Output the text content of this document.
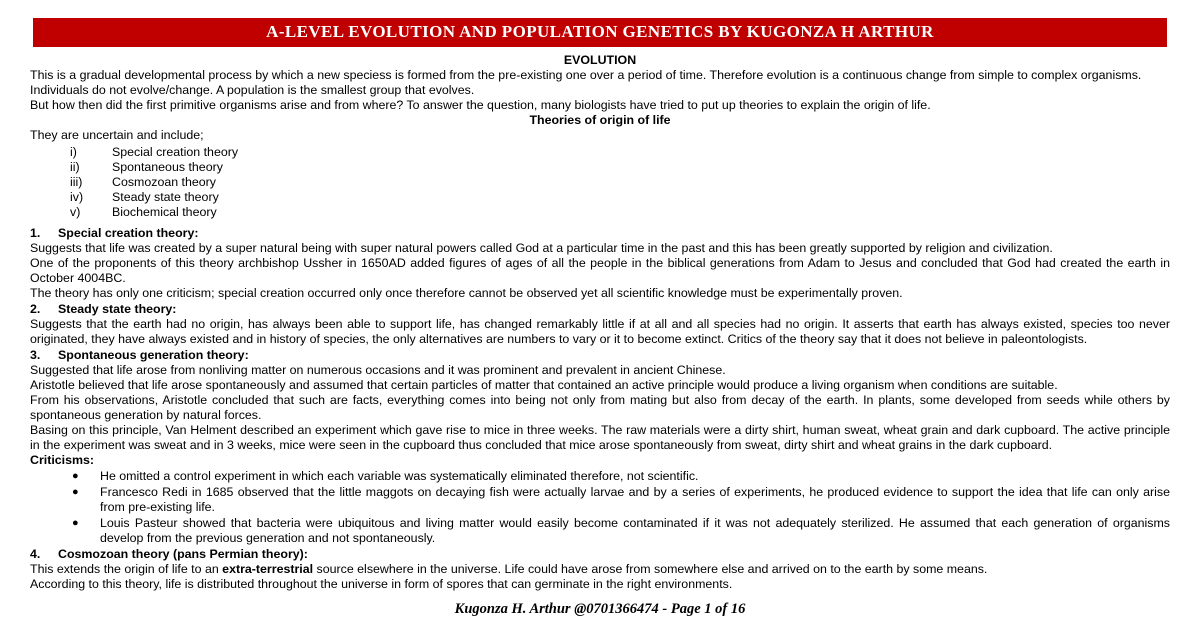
A-LEVEL EVOLUTION AND POPULATION GENETICS BY KUGONZA H ARTHUR

EVOLUTION

This is a gradual developmental process by which a new speciess is formed from the pre-existing one over a period of time. Therefore evolution is a continuous change from simple to complex organisms.

Individuals do not evolve/change. A population is the smallest group that evolves.

But how then did the first primitive organisms arise and from where? To answer the question, many biologists have tried to put up theories to explain the origin of life.

Theories of origin of life

They are uncertain and include;

i)	Special creation theory
ii)	Spontaneous theory
iii)	Cosmozoan theory
iv)	Steady state theory
v)	Biochemical theory
1.	Special creation theory:

Suggests that life was created by a super natural being with super natural powers called God at a particular time in the past and this has been greatly supported by religion and civilization.

One of the proponents of this theory archbishop Ussher in 1650AD added figures of ages of all the people in the biblical generations from Adam to Jesus and concluded that God had created the earth in October 4004BC.

The theory has only one criticism; special creation occurred only once therefore cannot be observed yet all scientific knowledge must be experimentally proven.

2.	Steady state theory:

Suggests that the earth had no origin, has always been able to support life, has changed remarkably little if at all and all species had no origin. It asserts that earth has always existed, species too never originated, they have always existed and in history of species, the only alternatives are numbers to vary or it to become extinct. Critics of the theory say that it does not believe in paleontologists.

3.	Spontaneous generation theory:

Suggested that life arose from nonliving matter on numerous occasions and it was prominent and prevalent in ancient Chinese.

Aristotle believed that life arose spontaneously and assumed that certain particles of matter that contained an active principle would produce a living organism when conditions are suitable.

From his observations, Aristotle concluded that such are facts, everything comes into being not only from mating but also from decay of the earth. In plants, some developed from seeds while others by spontaneous generation by natural forces.

Basing on this principle, Van Helment described an experiment which gave rise to mice in three weeks. The raw materials were a dirty shirt, human sweat, wheat grain and dark cupboard. The active principle in the experiment was sweat and in 3 weeks, mice were seen in the cupboard thus concluded that mice arose spontaneously from sweat, dirty shirt and wheat grains in the dark cupboard.

Criticisms:

●	He omitted a control experiment in which each variable was systematically eliminated therefore, not scientific.
●	Francesco Redi in 1685 observed that the little maggots on decaying fish were actually larvae and by a series of experiments, he produced evidence to support the idea that life can only arise from pre-existing life.
●	Louis Pasteur showed that bacteria were ubiquitous and living matter would easily become contaminated if it was not adequately sterilized. He assumed that each generation of organisms develop from the previous generation and not spontaneously.
4.	Cosmozoan theory (pans Permian theory):

This extends the origin of life to an extra-terrestrial source elsewhere in the universe. Life could have arose from somewhere else and arrived on to the earth by some means.

According to this theory, life is distributed throughout the universe in form of spores that can germinate in the right environments.

Kugonza H. Arthur @0701366474 - Page 1 of 16
